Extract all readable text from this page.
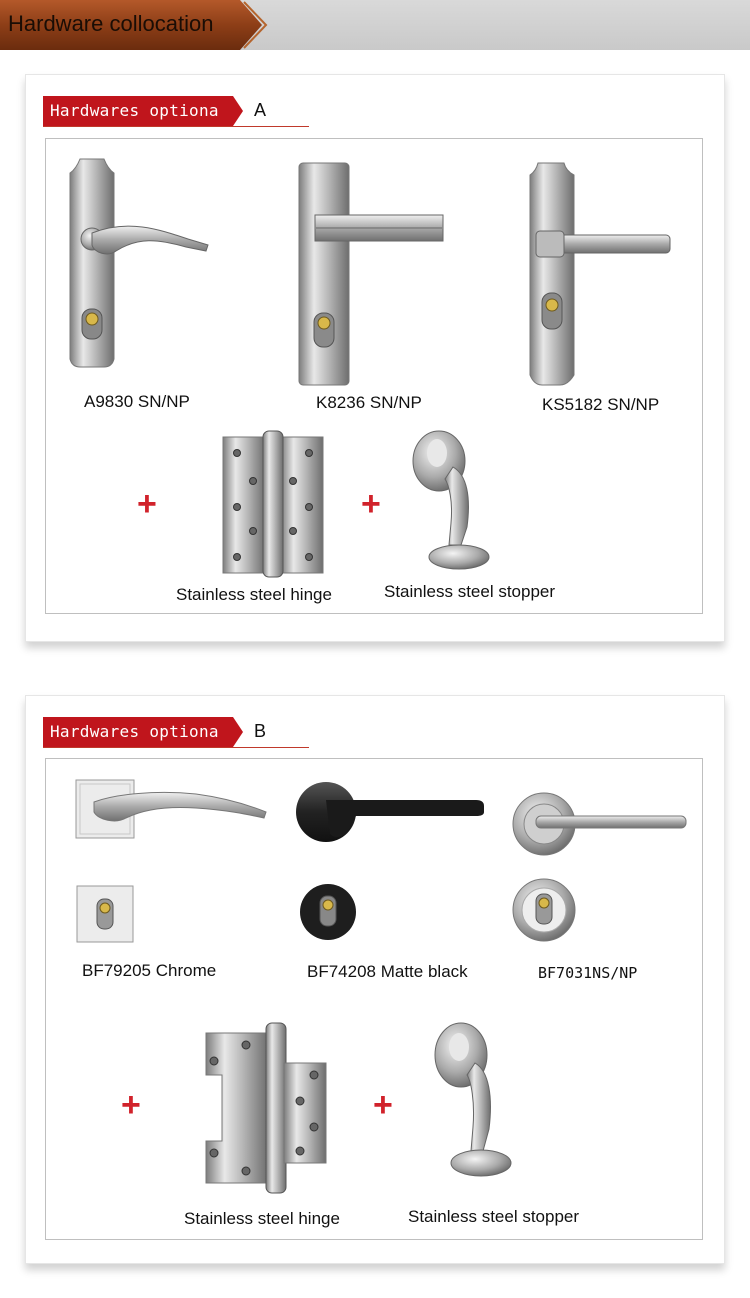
Hardware collocation
Hardwares optiona A
A9830 SN/NP	K8236 SN/NP	KS5182 SN/NP
+	+
Stainless steel hinge	Stainless steel stopper
Hardwares optiona B
BF79205 Chrome	BF74208 Matte black	BF7031NS/NP
+	+
Stainless steel hinge	Stainless steel stopper
